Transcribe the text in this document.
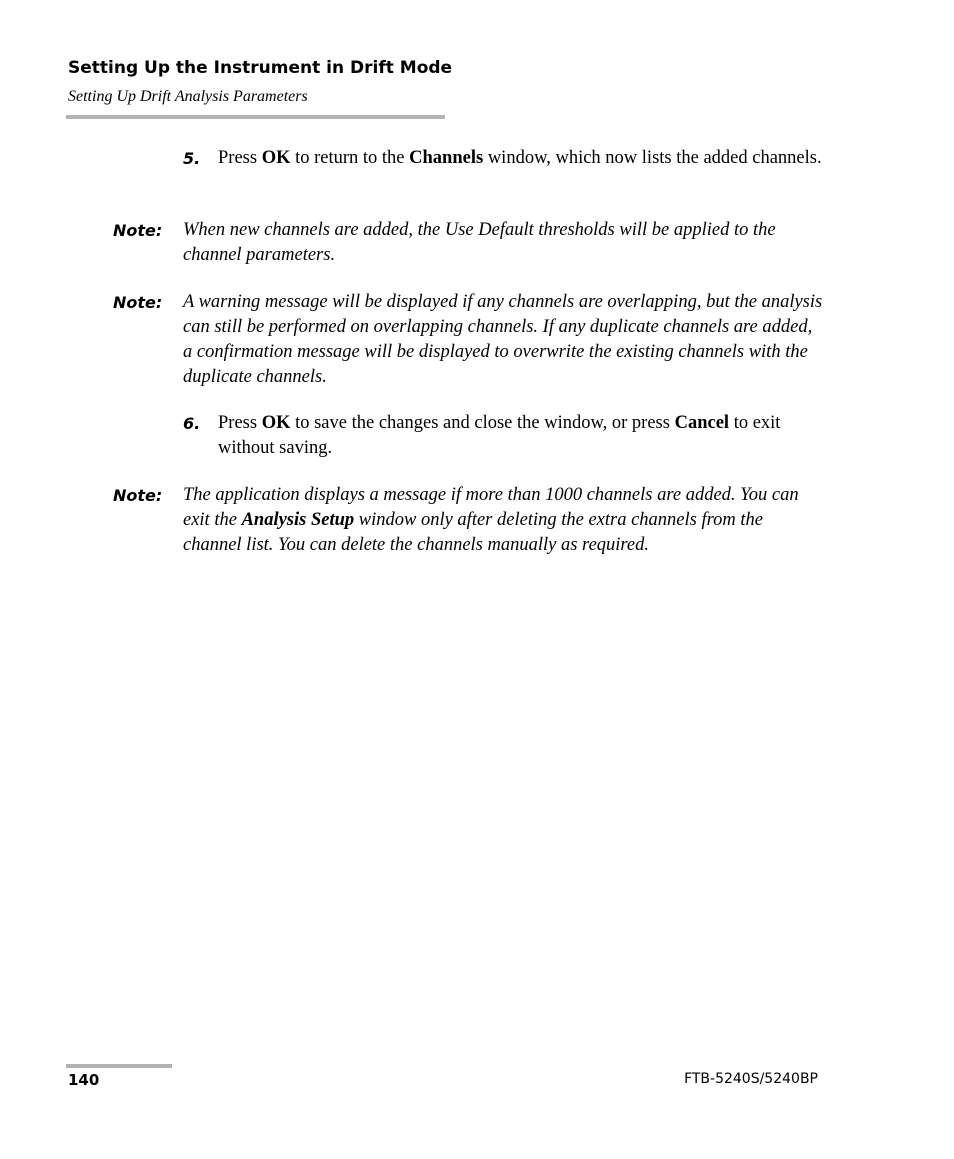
Setting Up the Instrument in Drift Mode
Setting Up Drift Analysis Parameters
5. Press OK to return to the Channels window, which now lists the added channels.
Note: When new channels are added, the Use Default thresholds will be applied to the channel parameters.
Note: A warning message will be displayed if any channels are overlapping, but the analysis can still be performed on overlapping channels. If any duplicate channels are added, a confirmation message will be displayed to overwrite the existing channels with the duplicate channels.
6. Press OK to save the changes and close the window, or press Cancel to exit without saving.
Note: The application displays a message if more than 1000 channels are added. You can exit the Analysis Setup window only after deleting the extra channels from the channel list. You can delete the channels manually as required.
140	FTB-5240S/5240BP
